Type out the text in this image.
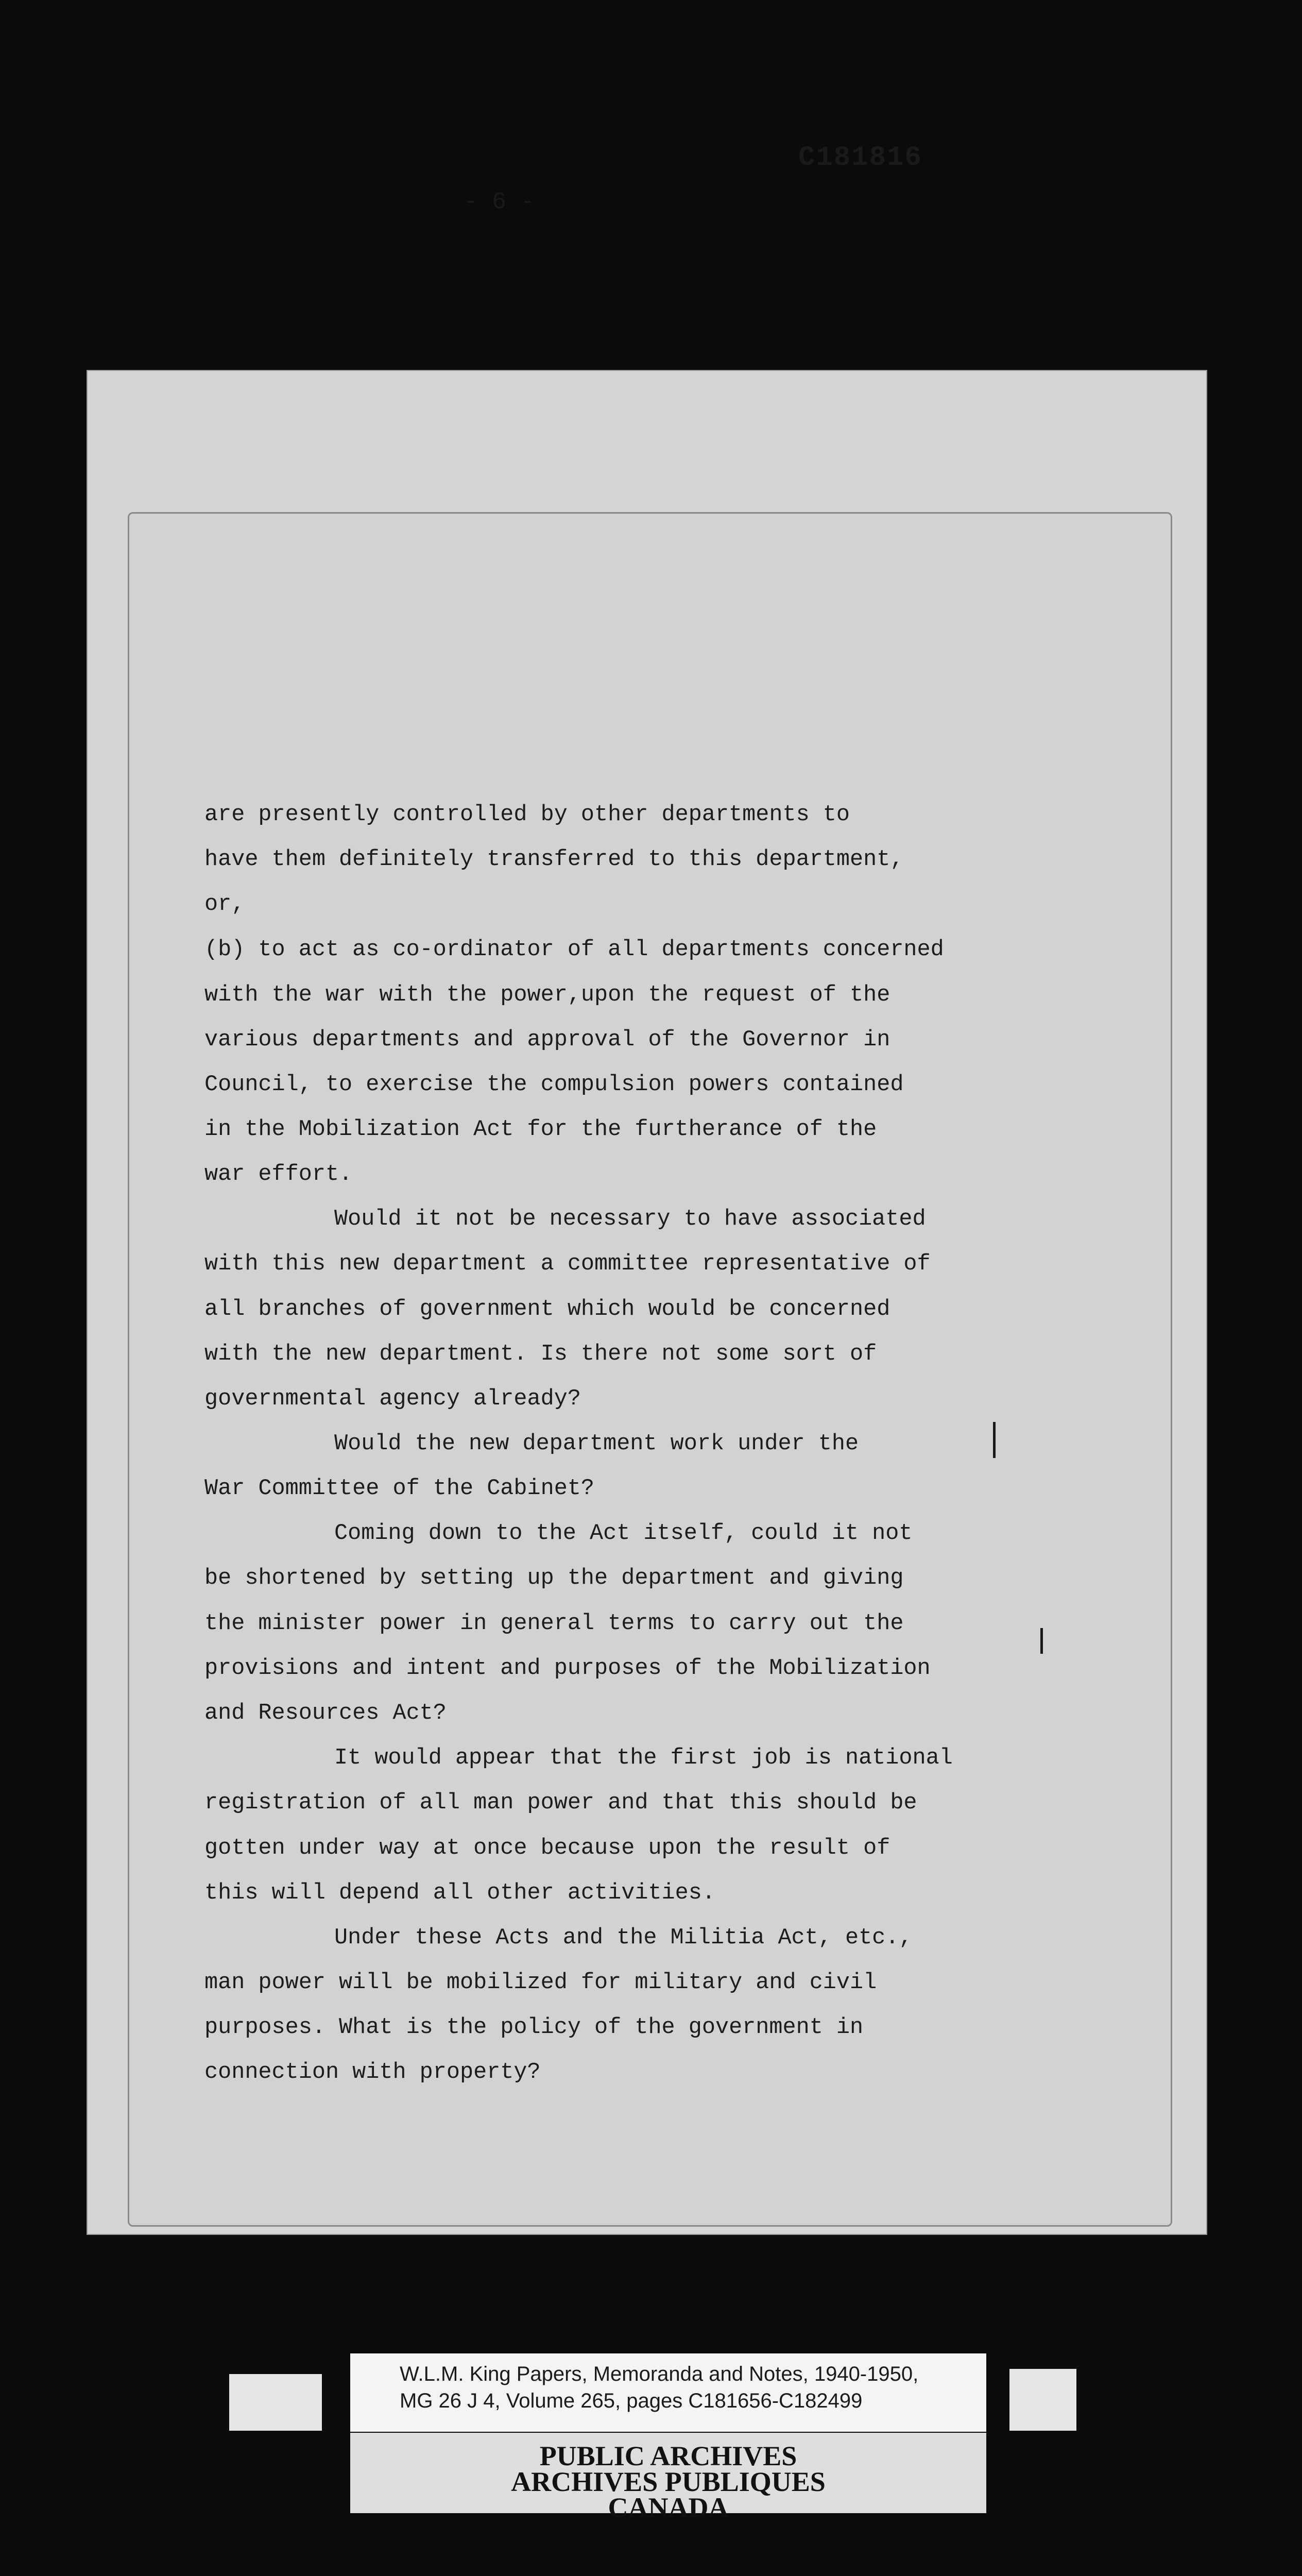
C181816
- 6 -
are presently controlled by other departments to
have them definitely transferred to this department,
or,
(b) to act as co-ordinator of all departments concerned
with the war with the power,upon the request of the
various departments and approval of the Governor in
Council, to exercise the compulsion powers contained
in the Mobilization Act for the furtherance of the
war effort.
Would it not be necessary to have associated
with this new department a committee representative of
all branches of government which would be concerned
with the new department. Is there not some sort of
governmental agency already?
Would the new department work under the
War Committee of the Cabinet?
Coming down to the Act itself, could it not
be shortened by setting up the department and giving
the minister power in general terms to carry out the
provisions and intent and purposes of the Mobilization
and Resources Act?
It would appear that the first job is national
registration of all man power and that this should be
gotten under way at once because upon the result of
this will depend all other activities.
Under these Acts and the Militia Act, etc.,
man power will be mobilized for military and civil
purposes. What is the policy of the government in
connection with property?
W.L.M. King Papers, Memoranda and Notes, 1940-1950,
MG 26 J 4, Volume 265, pages C181656-C182499
PUBLIC ARCHIVES
ARCHIVES PUBLIQUES
CANADA
